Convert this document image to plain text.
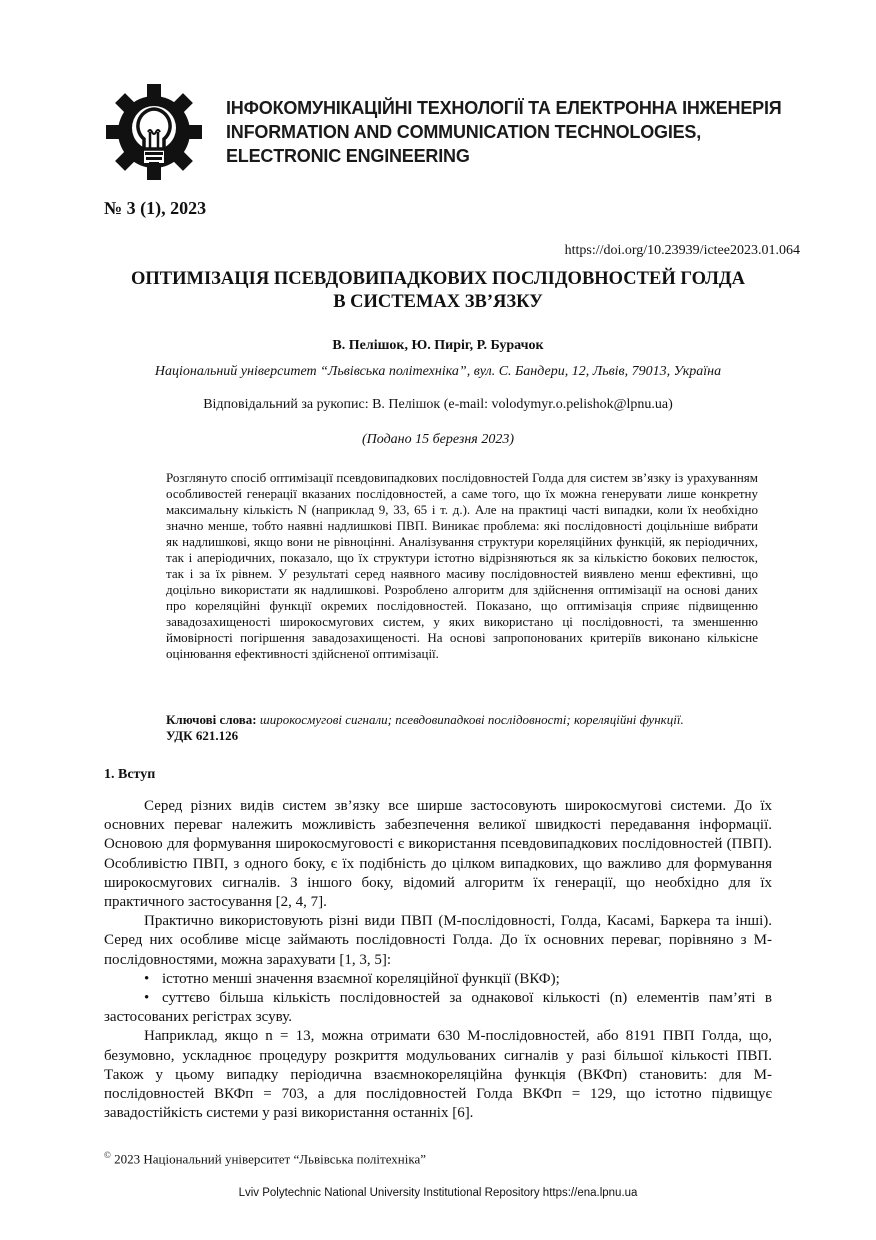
ІНФОКОМУНІКАЦІЙНІ ТЕХНОЛОГІЇ ТА ЕЛЕКТРОННА ІНЖЕНЕРІЯ
INFORMATION AND COMMUNICATION TECHNOLOGIES,
ELECTRONIC ENGINEERING
№ 3 (1), 2023
https://doi.org/10.23939/ictee2023.01.064
ОПТИМІЗАЦІЯ ПСЕВДОВИПАДКОВИХ ПОСЛІДОВНОСТЕЙ ГОЛДА
В СИСТЕМАХ ЗВ’ЯЗКУ
В. Пелішок, Ю. Пиріг, Р. Бурачок
Національний університет “Львівська політехніка”, вул. С. Бандери, 12, Львів, 79013, Україна
Відповідальний за рукопис: В. Пелішок (e-mail: volodymyr.o.pelishok@lpnu.ua)
(Подано 15 березня 2023)
Розглянуто спосіб оптимізації псевдовипадкових послідовностей Голда для систем зв’язку із урахуванням особливостей генерації вказаних послідовностей, а саме того, що їх можна генерувати лише конкретну максимальну кількість N (наприклад 9, 33, 65 і т. д.). Але на практиці часті випадки, коли їх необхідно значно менше, тобто наявні надлишкові ПВП. Виникає проблема: які послідовності доцільніше вибрати як надлишкові, якщо вони не рівноцінні. Аналізування структури кореляційних функцій, як періодичних, так і аперіодичних, показало, що їх структури істотно відрізняються як за кількістю бокових пелюсток, так і за їх рівнем. У результаті серед наявного масиву послідовностей виявлено менш ефективні, що доцільно використати як надлишкові. Розроблено алгоритм для здійснення оптимізації на основі даних про кореляційні функції окремих послідовностей. Показано, що оптимізація сприяє підвищенню завадозахищеності широкосмугових систем, у яких використано ці послідовності, та зменшенню ймовірності погіршення завадозахищеності. На основі запропонованих критеріїв виконано кількісне оцінювання ефективності здійсненої оптимізації.
Ключові слова: широкосмугові сигнали; псевдовипадкові послідовності; кореляційні функції.
УДК 621.126
1. Вступ

Серед різних видів систем зв’язку все ширше застосовують широкосмугові системи. До їх основних переваг належить можливість забезпечення великої швидкості передавання інформації. Основою для формування широкосмуговості є використання псевдовипадкових послідовностей (ПВП). Особливістю ПВП, з одного боку, є їх подібність до цілком випадкових, що важливо для формування широкосмугових сигналів. З іншого боку, відомий алгоритм їх генерації, що необхідно для їх практичного застосування [2, 4, 7].

Практично використовують різні види ПВП (М-послідовності, Голда, Касамі, Баркера та інші). Серед них особливе місце займають послідовності Голда. До їх основних переваг, порівняно з М-послідовностями, можна зарахувати [1, 3, 5]:

• істотно менші значення взаємної кореляційної функції (ВКФ);
• суттєво більша кількість послідовностей за однакової кількості (n) елементів пам’яті в застосованих регістрах зсуву.

Наприклад, якщо n = 13, можна отримати 630 М-послідовностей, або 8191 ПВП Голда, що, безумовно, ускладнює процедуру розкриття модульованих сигналів у разі більшої кількості ПВП. Також у цьому випадку періодична взаємнокореляційна функція (ВКФп) становить: для М-послідовностей ВКФп = 703, а для послідовностей Голда ВКФп = 129, що істотно підвищує завадостійкість системи у разі використання останніх [6].

© 2023 Національний університет “Львівська політехніка”
Lviv Polytechnic National University Institutional Repository https://ena.lpnu.ua
